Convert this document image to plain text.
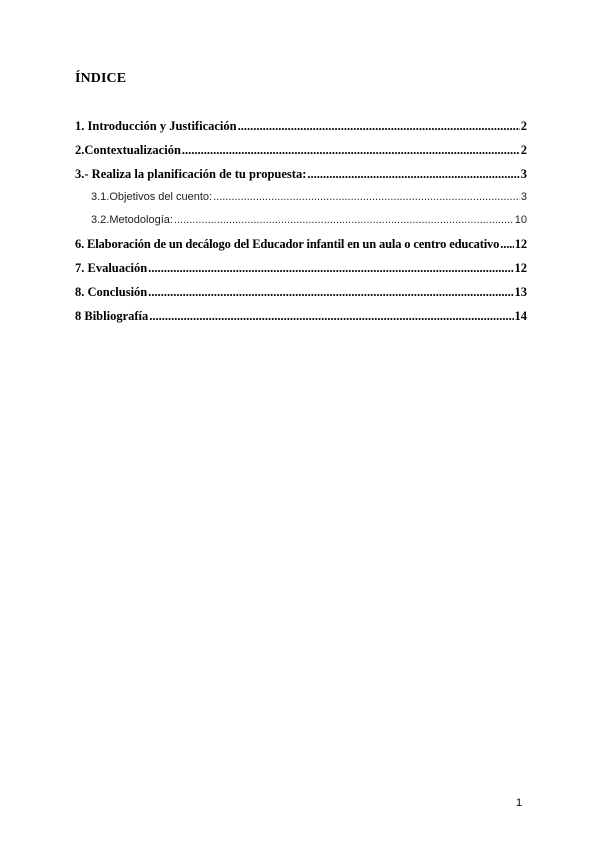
ÍNDICE
1. Introducción y Justificación .....	2
2.Contextualización .....	2
3.- Realiza la planificación de tu propuesta: .....	3
3.1.Objetivos del cuento: .....	3
3.2.Metodología: .....	10
6. Elaboración de un decálogo del Educador infantil en un aula o centro educativo ..... 12
7. Evaluación .....	12
8. Conclusión .....	13
8 Bibliografía .....	14
1
